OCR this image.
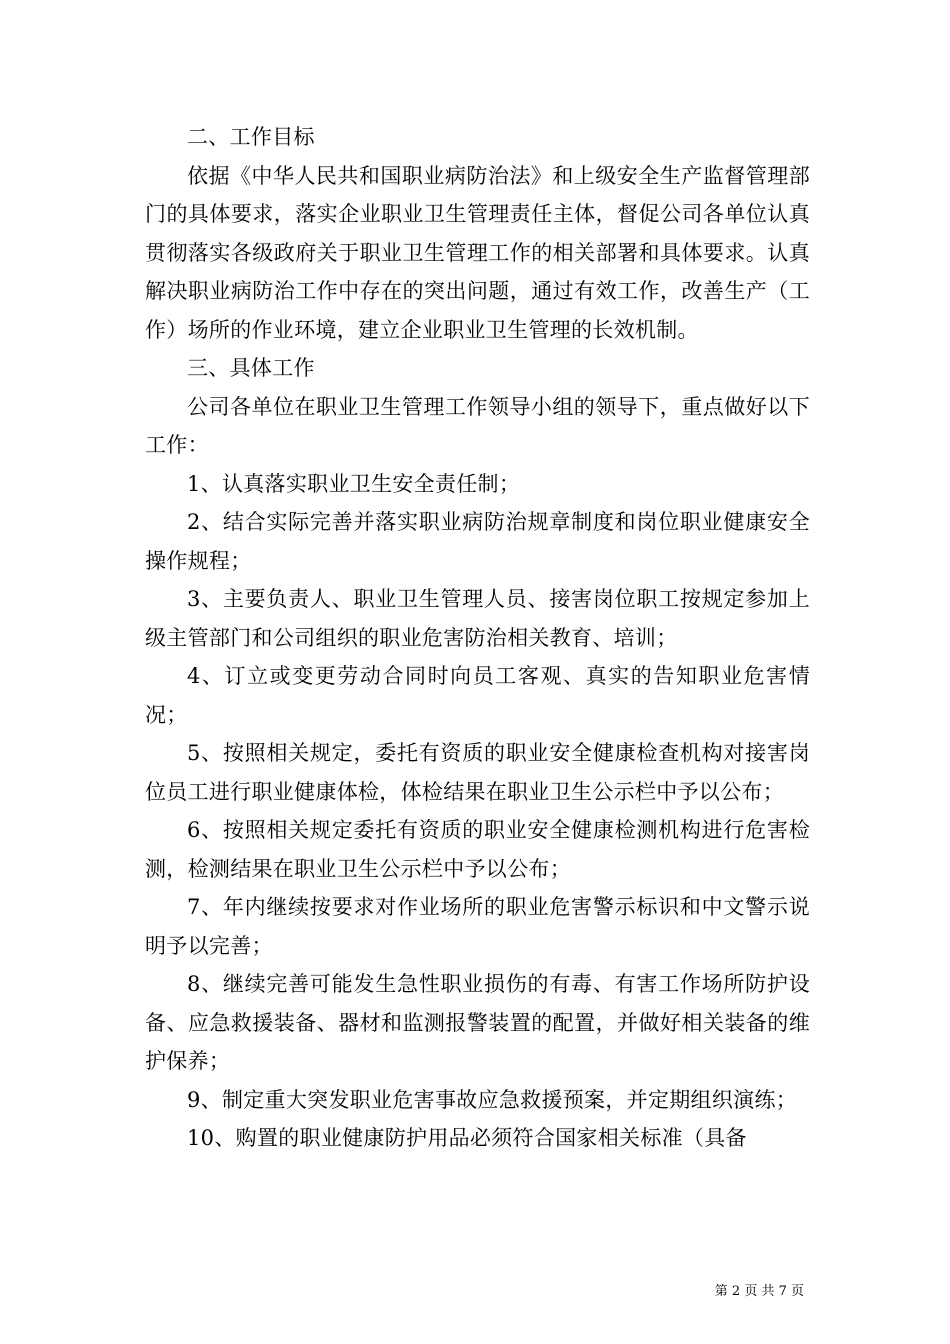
二、工作目标

依据《中华人民共和国职业病防治法》和上级安全生产监督管理部门的具体要求，落实企业职业卫生管理责任主体，督促公司各单位认真贯彻落实各级政府关于职业卫生管理工作的相关部署和具体要求。认真解决职业病防治工作中存在的突出问题，通过有效工作，改善生产（工作）场所的作业环境，建立企业职业卫生管理的长效机制。

三、具体工作

公司各单位在职业卫生管理工作领导小组的领导下，重点做好以下工作：

1、认真落实职业卫生安全责任制；

2、结合实际完善并落实职业病防治规章制度和岗位职业健康安全操作规程；

3、主要负责人、职业卫生管理人员、接害岗位职工按规定参加上级主管部门和公司组织的职业危害防治相关教育、培训；

4、订立或变更劳动合同时向员工客观、真实的告知职业危害情况；

5、按照相关规定，委托有资质的职业安全健康检查机构对接害岗位员工进行职业健康体检，体检结果在职业卫生公示栏中予以公布；

6、按照相关规定委托有资质的职业安全健康检测机构进行危害检测，检测结果在职业卫生公示栏中予以公布；

7、年内继续按要求对作业场所的职业危害警示标识和中文警示说明予以完善；

8、继续完善可能发生急性职业损伤的有毒、有害工作场所防护设备、应急救援装备、器材和监测报警装置的配置，并做好相关装备的维护保养；

9、制定重大突发职业危害事故应急救援预案，并定期组织演练；

10、购置的职业健康防护用品必须符合国家相关标准（具备

第 2 页 共 7 页
